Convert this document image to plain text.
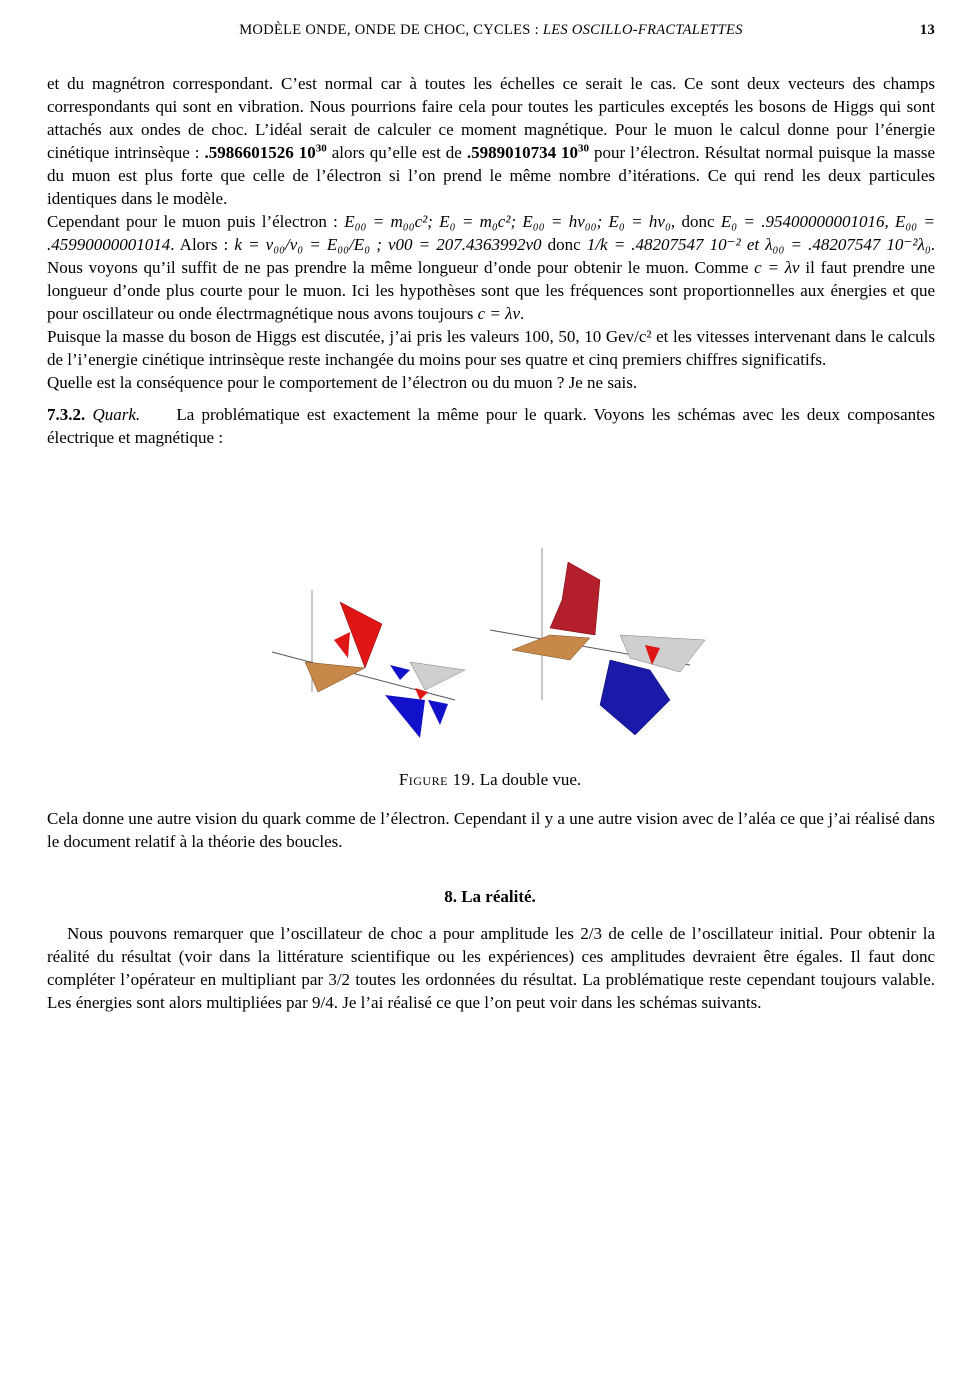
MODÈLE ONDE, ONDE DE CHOC, CYCLES : LES OSCILLO-FRACTALETTES	13
et du magnétron correspondant. C’est normal car à toutes les échelles ce serait le cas. Ce sont deux vecteurs des champs correspondants qui sont en vibration. Nous pourrions faire cela pour toutes les particules exceptés les bosons de Higgs qui sont attachés aux ondes de choc. L’idéal serait de calculer ce moment magnétique. Pour le muon le calcul donne pour l’énergie cinétique intrinsèque : .5986601526 $10^{30}$ alors qu’elle est de .5989010734 $10^{30}$ pour l’électron. Résultat normal puisque la masse du muon est plus forte que celle de l’électron si l’on prend le même nombre d’itérations. Ce qui rend les deux particules identiques dans le modèle.
Cependant pour le muon puis l’électron : E₀₀ = m₀₀c²; E₀ = m₀c²; E₀₀ = hν₀₀; E₀ = hν₀, donc E₀ = .95400000001016, E₀₀ = .45990000001014. Alors : k = ν₀₀/ν₀ = E₀₀/E₀ ; ν00 = 207.4363992ν0 donc 1/k = .48207547 10⁻² et λ₀₀ = .48207547 10⁻²λ₀. Nous voyons qu’il suffit de ne pas prendre la même longueur d’onde pour obtenir le muon. Comme c = λν il faut prendre une longueur d’onde plus courte pour le muon. Ici les hypothèses sont que les fréquences sont proportionnelles aux énergies et que pour oscillateur ou onde électrmagnétique nous avons toujours c = λν.
Puisque la masse du boson de Higgs est discutée, j’ai pris les valeurs 100, 50, 10 Gev/c² et les vitesses intervenant dans le calculs de l’i’energie cinétique intrinsèque reste inchangée du moins pour ses quatre et cinq premiers chiffres significatifs.
Quelle est la conséquence pour le comportement de l’électron ou du muon ? Je ne sais.
7.3.2. Quark. La problématique est exactement la même pour le quark. Voyons les schémas avec les deux composantes électrique et magnétique :
Figure 19. La double vue.
Cela donne une autre vision du quark comme de l’électron. Cependant il y a une autre vision avec de l’aléa ce que j’ai réalisé dans le document relatif à la théorie des boucles.
8. La réalité.
Nous pouvons remarquer que l’oscillateur de choc a pour amplitude les 2/3 de celle de l’oscillateur initial. Pour obtenir la réalité du résultat (voir dans la littérature scientifique ou les expériences) ces amplitudes devraient être égales. Il faut donc compléter l’opérateur en multipliant par 3/2 toutes les ordonnées du résultat. La problématique reste cependant toujours valable. Les énergies sont alors multipliées par 9/4. Je l’ai réalisé ce que l’on peut voir dans les schémas suivants.
